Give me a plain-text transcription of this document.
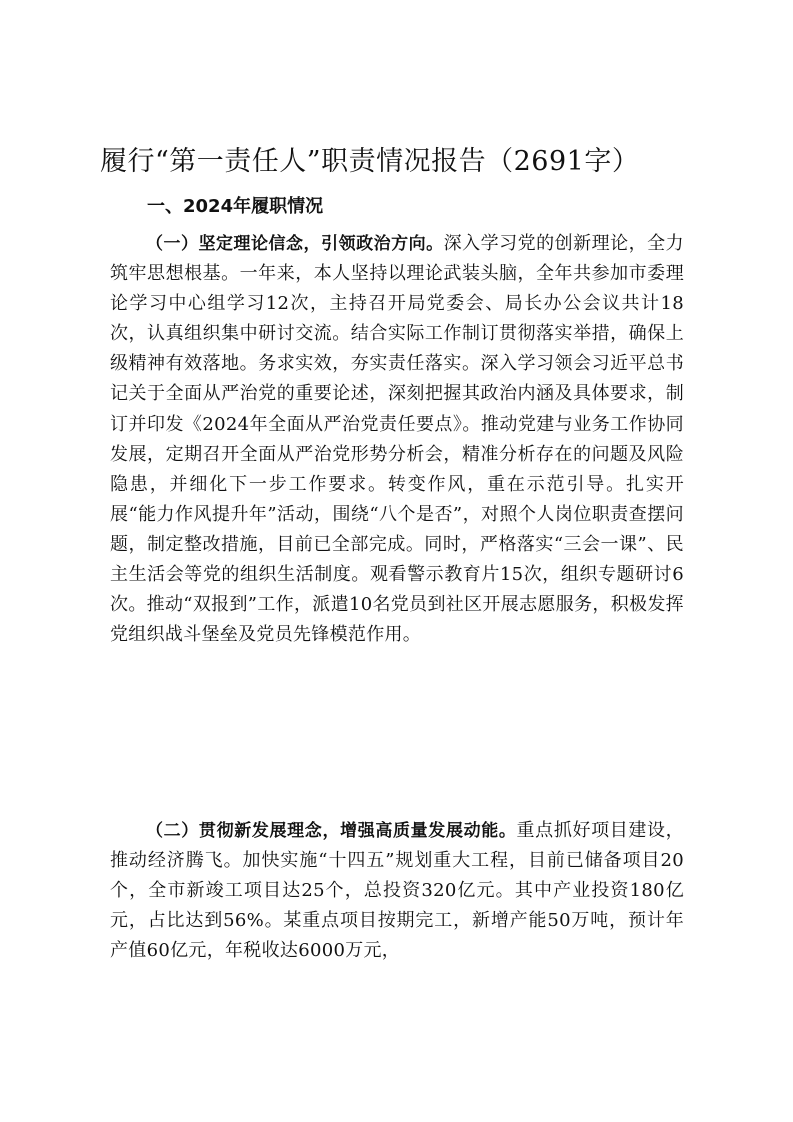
履行“第一责任人”职责情况报告（2691字）
一、2024年履职情况

（一）坚定理论信念，引领政治方向。深入学习党的创新理论，全力筑牢思想根基。一年来，本人坚持以理论武装头脑，全年共参加市委理论学习中心组学习12次，主持召开局党委会、局长办公会议共计18次，认真组织集中研讨交流。结合实际工作制订贯彻落实举措，确保上级精神有效落地。务求实效，夯实责任落实。深入学习领会习近平总书记关于全面从严治党的重要论述，深刻把握其政治内涵及具体要求，制订并印发《2024年全面从严治党责任要点》。推动党建与业务工作协同发展，定期召开全面从严治党形势分析会，精准分析存在的问题及风险隐患，并细化下一步工作要求。转变作风，重在示范引导。扎实开展“能力作风提升年”活动，围绕“八个是否”，对照个人岗位职责查摆问题，制定整改措施，目前已全部完成。同时，严格落实“三会一课”、民主生活会等党的组织生活制度。观看警示教育片15次，组织专题研讨6次。推动“双报到”工作，派遣10名党员到社区开展志愿服务，积极发挥党组织战斗堡垒及党员先锋模范作用。

（二）贯彻新发展理念，增强高质量发展动能。重点抓好项目建设，推动经济腾飞。加快实施“十四五”规划重大工程，目前已储备项目20个，全市新竣工项目达25个，总投资320亿元。其中产业投资180亿元，占比达到56%。某重点项目按期完工，新增产能50万吨，预计年产值60亿元，年税收达6000万元，
